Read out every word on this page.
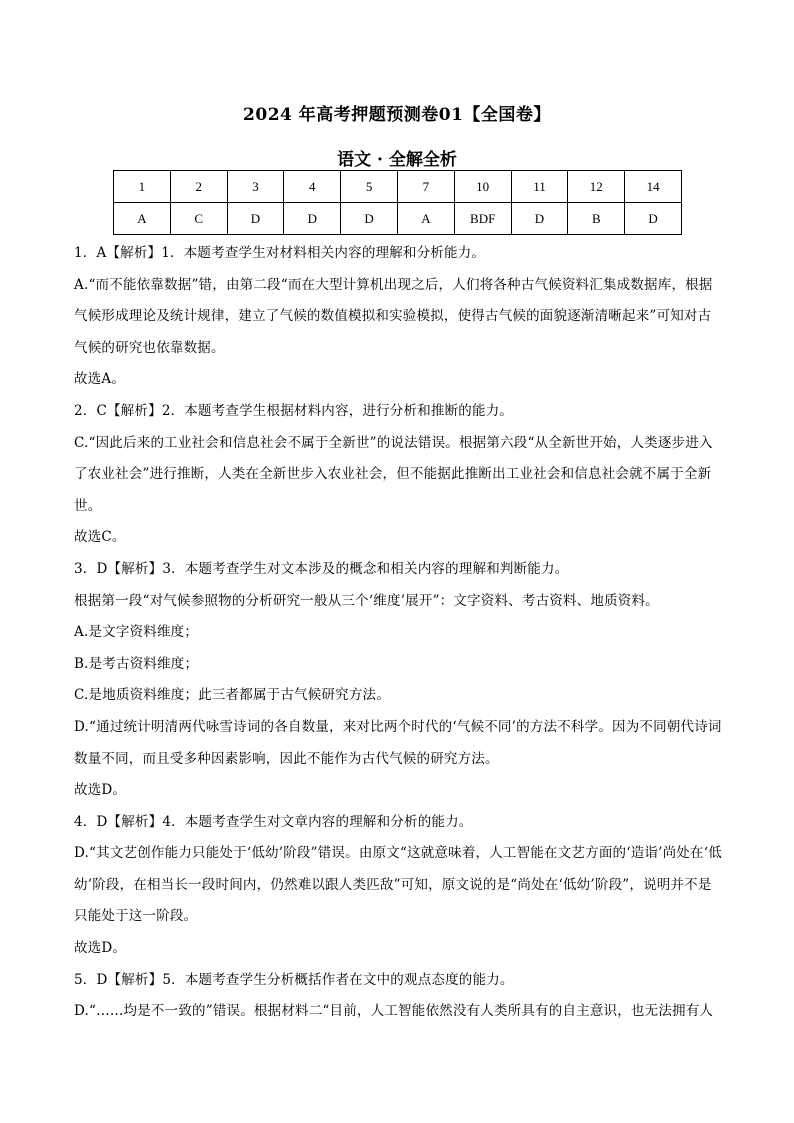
2024 年高考押题预测卷01【全国卷】
语文 · 全解全析
1	2	3	4	5	7	10	11	12	14
A	C	D	D	D	A	BDF	D	B	D

1．A【解析】1．本题考查学生对材料相关内容的理解和分析能力。

A.“而不能依靠数据”错，由第二段“而在大型计算机出现之后，人们将各种古气候资料汇集成数据库，根据

气候形成理论及统计规律，建立了气候的数值模拟和实验模拟，使得古气候的面貌逐渐清晰起来”可知对古

气候的研究也依靠数据。

故选A。

2．C【解析】2．本题考查学生根据材料内容，进行分析和推断的能力。

C.“因此后来的工业社会和信息社会不属于全新世”的说法错误。根据第六段“从全新世开始，人类逐步进入

了农业社会”进行推断，人类在全新世步入农业社会，但不能据此推断出工业社会和信息社会就不属于全新

世。

故选C。

3．D【解析】3．本题考查学生对文本涉及的概念和相关内容的理解和判断能力。

根据第一段“对气候参照物的分析研究一般从三个‘维度’展开”：文字资料、考古资料、地质资料。

A.是文字资料维度；

B.是考古资料维度；

C.是地质资料维度；此三者都属于古气候研究方法。

D.“通过统计明清两代咏雪诗词的各自数量，来对比两个时代的‘气候不同’的方法不科学。因为不同朝代诗词

数量不同，而且受多种因素影响，因此不能作为古代气候的研究方法。

故选D。

4．D【解析】4．本题考查学生对文章内容的理解和分析的能力。

D.“其文艺创作能力只能处于‘低幼’阶段”错误。由原文“这就意味着，人工智能在文艺方面的‘造诣’尚处在‘低

幼’阶段，在相当长一段时间内，仍然难以跟人类匹敌”可知，原文说的是“尚处在‘低幼’阶段”，说明并不是

只能处于这一阶段。

故选D。

5．D【解析】5．本题考查学生分析概括作者在文中的观点态度的能力。

D.“……均是不一致的”错误。根据材料二“目前，人工智能依然没有人类所具有的自主意识，也无法拥有人
